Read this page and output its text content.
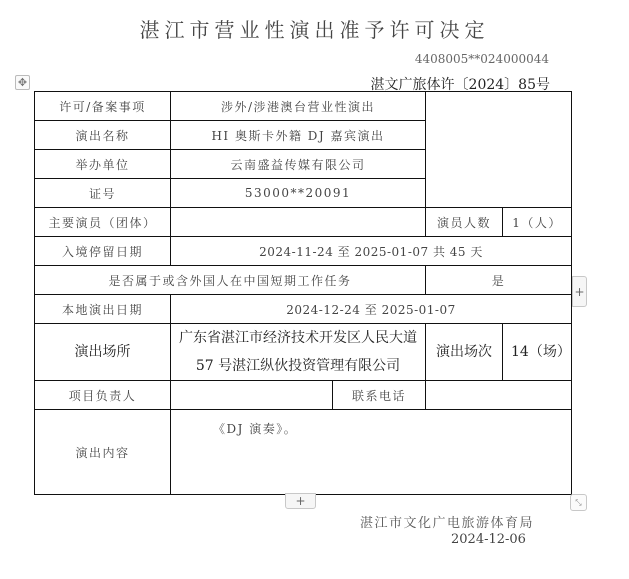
湛江市营业性演出准予许可决定
4408005**024000044
湛文广旅体许〔2024〕85号
✥
许可/备案事项	涉外/涉港澳台营业性演出			
演出名称	HI 奥斯卡外籍 DJ 嘉宾演出			
举办单位	云南盛益传媒有限公司			
证号	53000**20091			
主要演员（团体）			演员人数	1（人）
入境停留日期	2024-11-24 至 2025-01-07 共 45 天			
是否属于或含外国人在中国短期工作任务			是	
本地演出日期	2024-12-24 至 2025-01-07			
演出场所	广东省湛江市经济技术开发区人民大道 57 号湛江纵伙投资管理有限公司		演出场次	14（场）
项目负责人		联系电话		
演出内容	《DJ 演奏》。			
+
+	⤡
湛江市文化广电旅游体育局
2024-12-06
